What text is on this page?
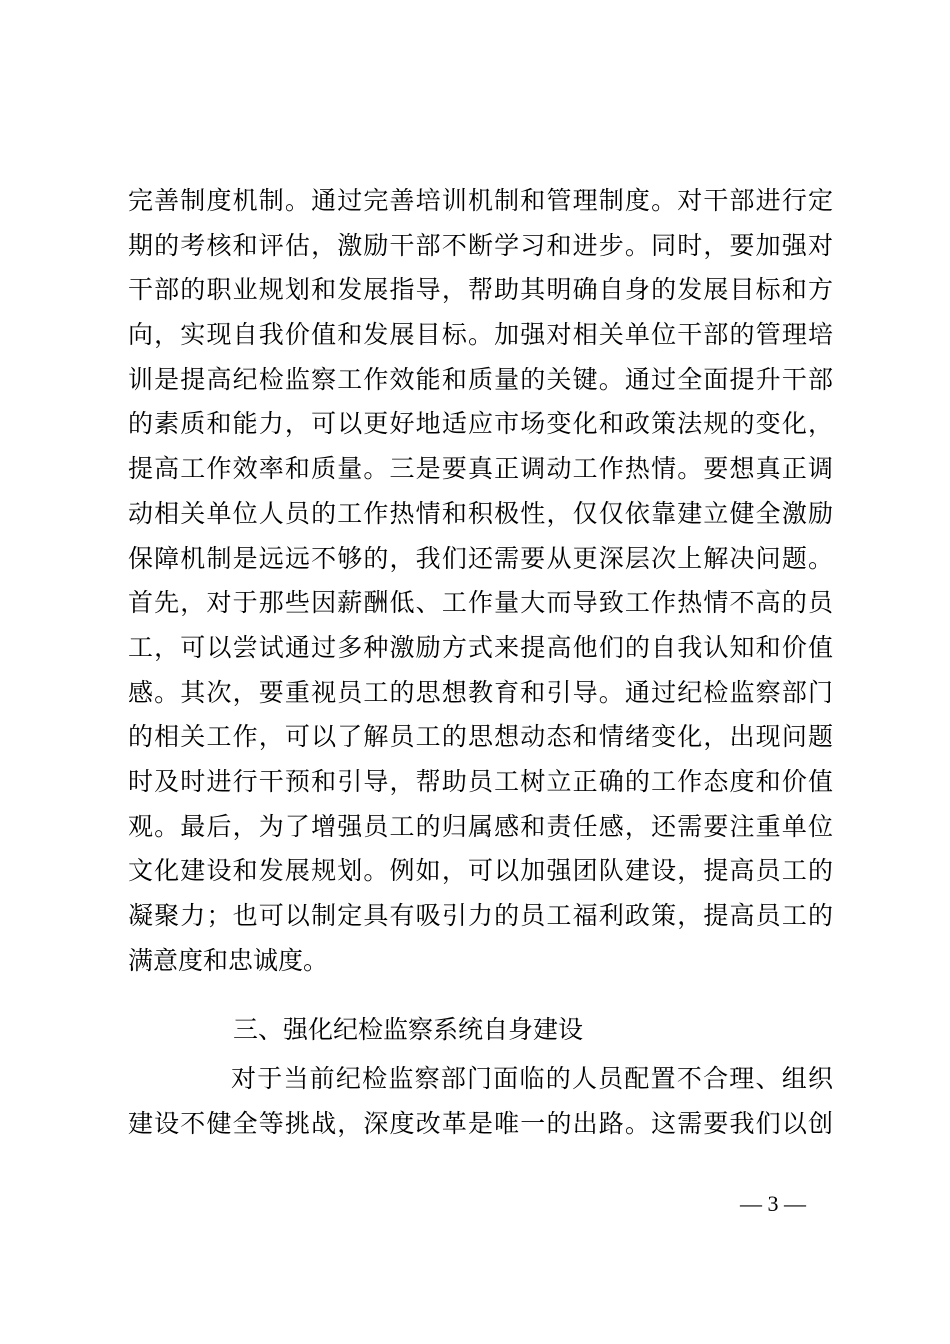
完善制度机制。通过完善培训机制和管理制度。对干部进行定
期的考核和评估，激励干部不断学习和进步。同时，要加强对
干部的职业规划和发展指导，帮助其明确自身的发展目标和方
向，实现自我价值和发展目标。加强对相关单位干部的管理培
训是提高纪检监察工作效能和质量的关键。通过全面提升干部
的素质和能力，可以更好地适应市场变化和政策法规的变化，
提高工作效率和质量。三是要真正调动工作热情。要想真正调
动相关单位人员的工作热情和积极性，仅仅依靠建立健全激励
保障机制是远远不够的，我们还需要从更深层次上解决问题。
首先，对于那些因薪酬低、工作量大而导致工作热情不高的员
工，可以尝试通过多种激励方式来提高他们的自我认知和价值
感。其次，要重视员工的思想教育和引导。通过纪检监察部门
的相关工作，可以了解员工的思想动态和情绪变化，出现问题
时及时进行干预和引导，帮助员工树立正确的工作态度和价值
观。最后，为了增强员工的归属感和责任感，还需要注重单位
文化建设和发展规划。例如，可以加强团队建设，提高员工的
凝聚力；也可以制定具有吸引力的员工福利政策，提高员工的
满意度和忠诚度。
三、强化纪检监察系统自身建设
对于当前纪检监察部门面临的人员配置不合理、组织
建设不健全等挑战，深度改革是唯一的出路。这需要我们以创
— 3 —
